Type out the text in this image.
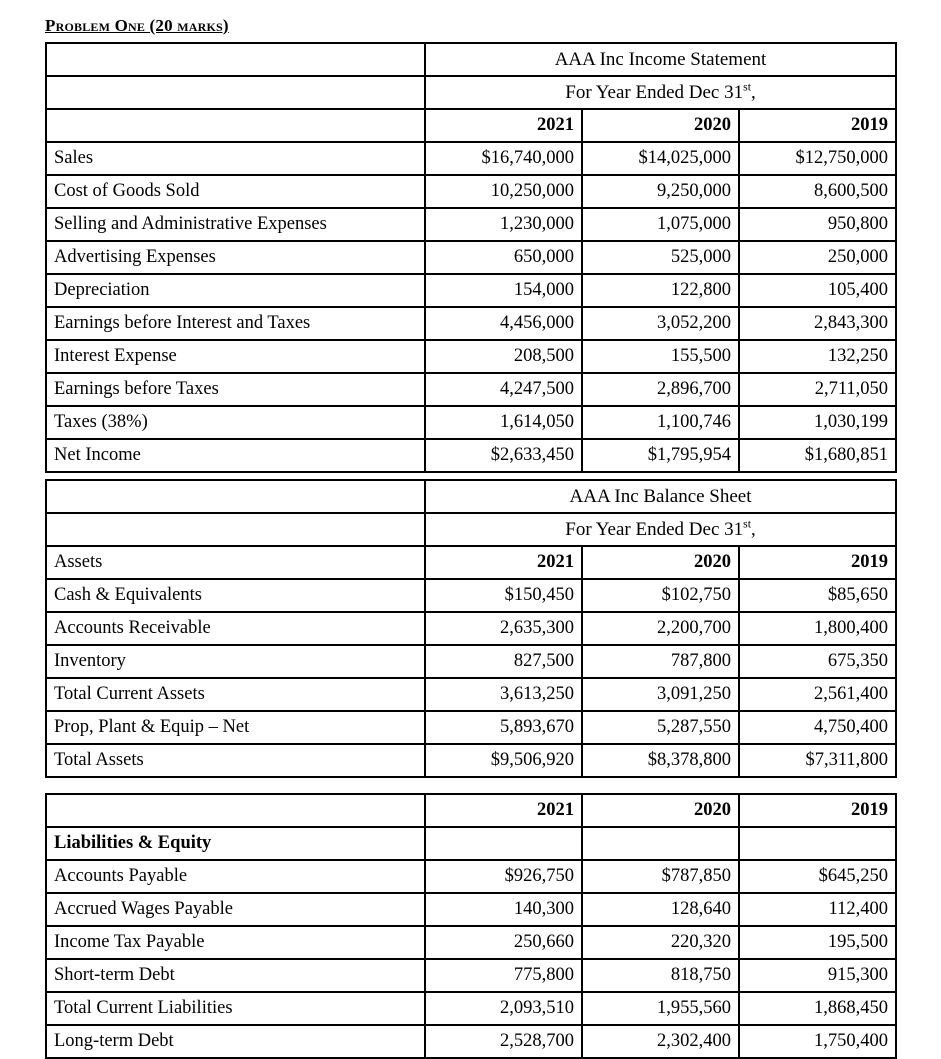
Problem One (20 marks)
	AAA Inc Income Statement		
	For Year Ended Dec 31st,		
	2021	2020	2019
Sales	$16,740,000	$14,025,000	$12,750,000
Cost of Goods Sold	10,250,000	9,250,000	8,600,500
Selling and Administrative Expenses	1,230,000	1,075,000	950,800
Advertising Expenses	650,000	525,000	250,000
Depreciation	154,000	122,800	105,400
Earnings before Interest and Taxes	4,456,000	3,052,200	2,843,300
Interest Expense	208,500	155,500	132,250
Earnings before Taxes	4,247,500	2,896,700	2,711,050
Taxes (38%)	1,614,050	1,100,746	1,030,199
Net Income	$2,633,450	$1,795,954	$1,680,851
	AAA Inc Balance Sheet		
	For Year Ended Dec 31st,		
Assets	2021	2020	2019
Cash & Equivalents	$150,450	$102,750	$85,650
Accounts Receivable	2,635,300	2,200,700	1,800,400
Inventory	827,500	787,800	675,350
Total Current Assets	3,613,250	3,091,250	2,561,400
Prop, Plant & Equip – Net	5,893,670	5,287,550	4,750,400
Total Assets	$9,506,920	$8,378,800	$7,311,800
	2021	2020	2019
Liabilities & Equity			
Accounts Payable	$926,750	$787,850	$645,250
Accrued Wages Payable	140,300	128,640	112,400
Income Tax Payable	250,660	220,320	195,500
Short-term Debt	775,800	818,750	915,300
Total Current Liabilities	2,093,510	1,955,560	1,868,450
Long-term Debt	2,528,700	2,302,400	1,750,400
